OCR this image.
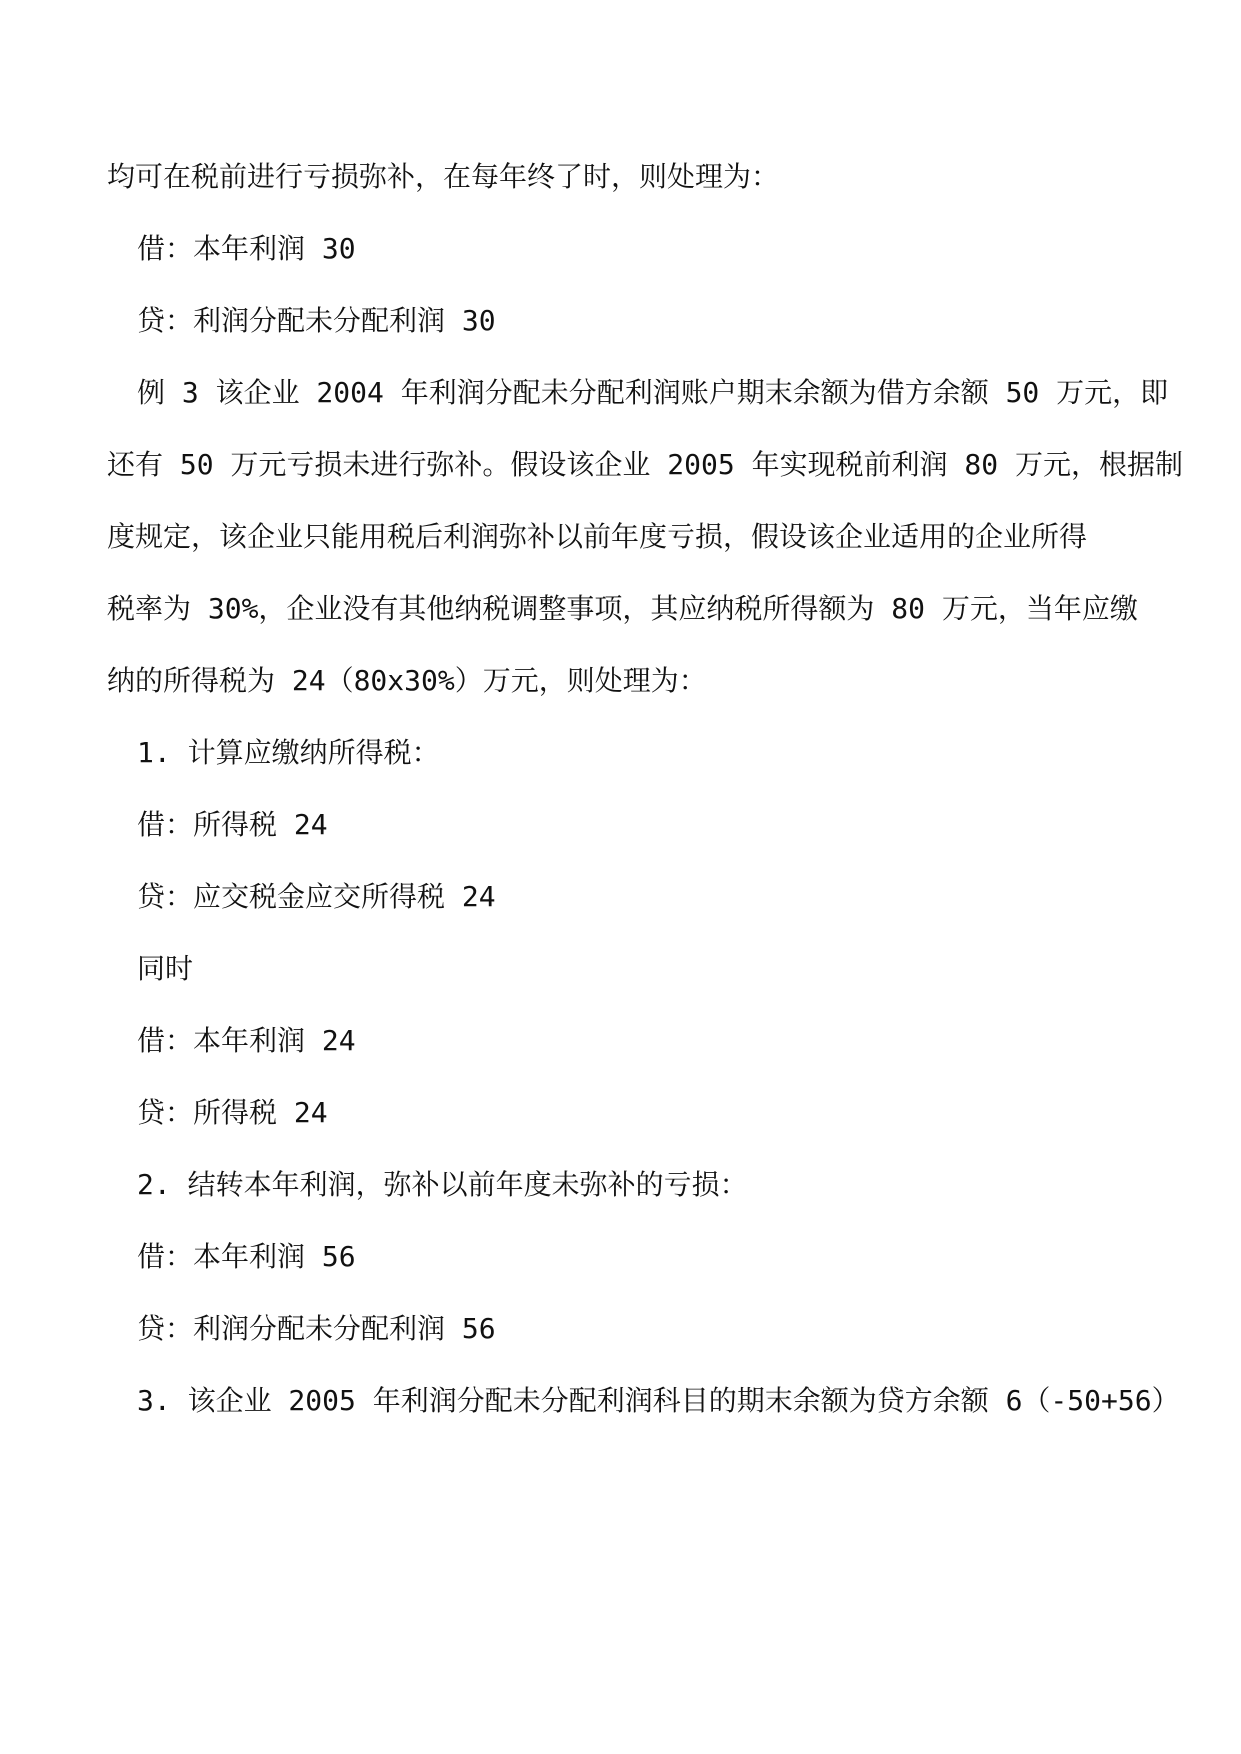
均可在税前进行亏损弥补，在每年终了时，则处理为：
借：本年利润 30
贷：利润分配未分配利润 30
例 3 该企业 2004 年利润分配未分配利润账户期末余额为借方余额 50 万元，即
还有 50 万元亏损未进行弥补。假设该企业 2005 年实现税前利润 80 万元，根据制
度规定，该企业只能用税后利润弥补以前年度亏损，假设该企业适用的企业所得
税率为 30%，企业没有其他纳税调整事项，其应纳税所得额为 80 万元，当年应缴
纳的所得税为 24（80x30%）万元，则处理为：
1. 计算应缴纳所得税：
借：所得税 24
贷：应交税金应交所得税 24
同时
借：本年利润 24
贷：所得税 24
2. 结转本年利润，弥补以前年度未弥补的亏损：
借：本年利润 56
贷：利润分配未分配利润 56
3. 该企业 2005 年利润分配未分配利润科目的期末余额为贷方余额 6（-50+56）
